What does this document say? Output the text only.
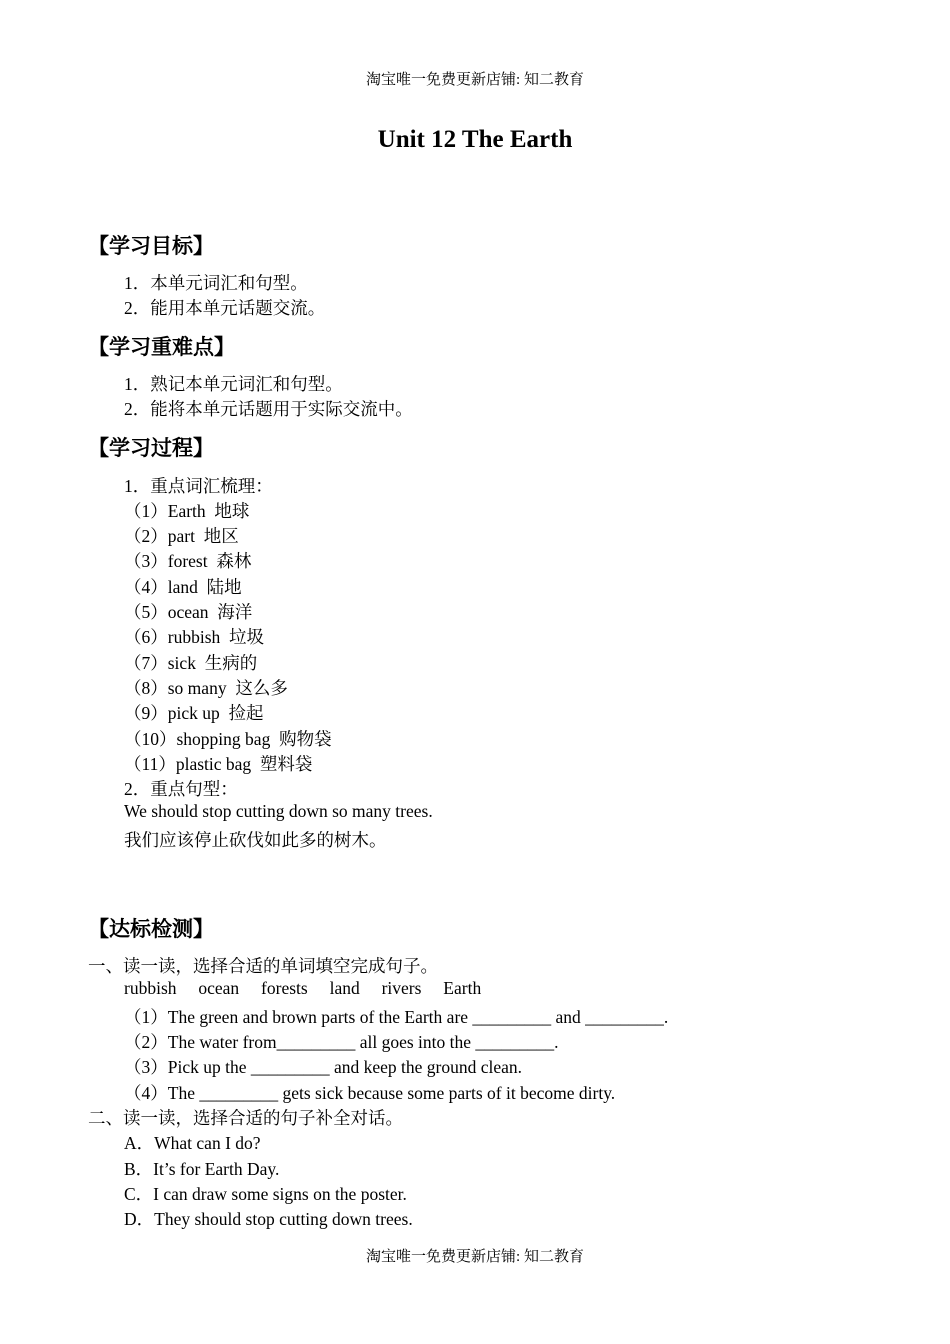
淘宝唯一免费更新店铺: 知二教育
Unit 12 The Earth
【学习目标】
1．本单元词汇和句型。
2．能用本单元话题交流。
【学习重难点】
1．熟记本单元词汇和句型。
2．能将本单元话题用于实际交流中。
【学习过程】
1．重点词汇梳理：
（1）Earth  地球
（2）part  地区
（3）forest  森林
（4）land  陆地
（5）ocean  海洋
（6）rubbish  垃圾
（7）sick  生病的
（8）so many  这么多
（9）pick up  捡起
（10）shopping bag  购物袋
（11）plastic bag  塑料袋
2．重点句型：
We should stop cutting down so many trees.
我们应该停止砍伐如此多的树木。
【达标检测】
一、读一读，选择合适的单词填空完成句子。
rubbish     ocean     forests     land     rivers     Earth
（1）The green and brown parts of the Earth are _________ and _________.
（2）The water from_________ all goes into the _________.
（3）Pick up the _________ and keep the ground clean.
（4）The _________ gets sick because some parts of it become dirty.
二、读一读，选择合适的句子补全对话。
A．What can I do?
B．It’s for Earth Day.
C．I can draw some signs on the poster.
D．They should stop cutting down trees.
淘宝唯一免费更新店铺: 知二教育
